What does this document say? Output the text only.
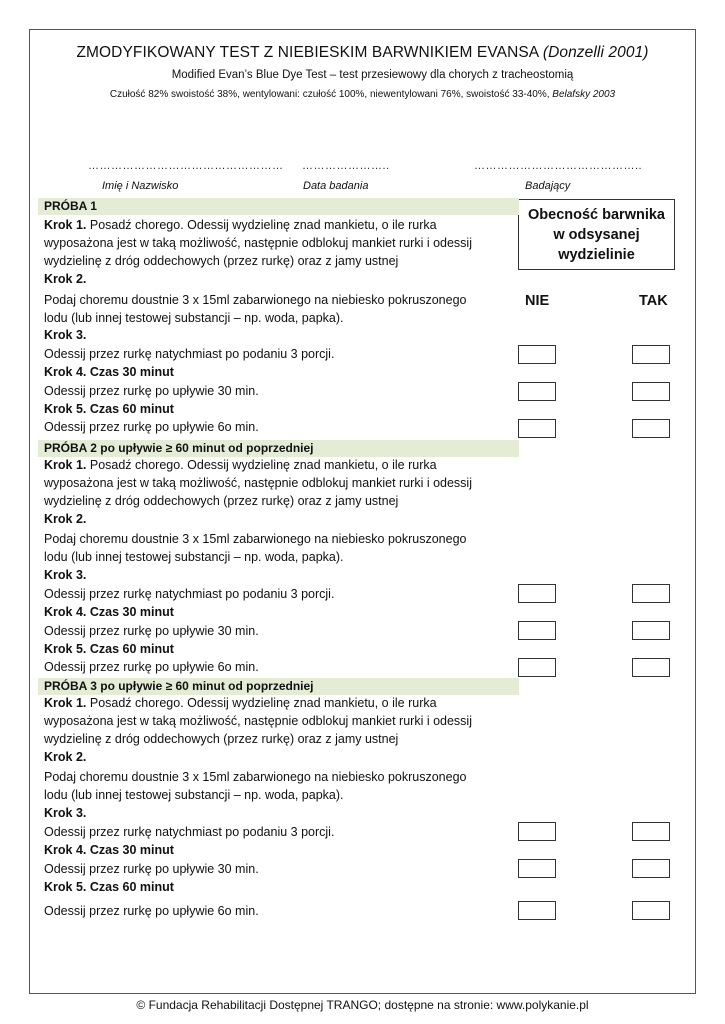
ZMODYFIKOWANY TEST Z NIEBIESKIM BARWNIKIEM EVANSA (Donzelli 2001)
Modified Evan’s Blue Dye Test – test przesiewowy dla chorych z tracheostomią
Czułość 82% swoistość 38%, wentylowani: czułość 100%, niewentylowani 76%, swoistość 33-40%, Belafsky 2003
…………………………………………… …………………..	……………………………………..
Imię i Nazwisko	Data badania	Badający
Obecność barwnika
w odsysanej
wydzielinie
NIE	TAK
PRÓBA 1
Krok 1. Posadź chorego. Odessij wydzielinę znad mankietu, o ile rurka
wyposażona jest w taką możliwość, następnie odblokuj mankiet rurki i odessij
wydzielinę z dróg oddechowych (przez rurkę) oraz z jamy ustnej
Krok 2.
Podaj choremu doustnie 3 x 15ml zabarwionego na niebiesko pokruszonego
lodu (lub innej testowej substancji – np. woda, papka).
Krok 3.
Odessij przez rurkę natychmiast po podaniu 3 porcji.
Krok 4. Czas 30 minut
Odessij przez rurkę po upływie 30 min.
Krok 5. Czas 60 minut
Odessij przez rurkę po upływie 6o min.
PRÓBA 2 po upływie ≥ 60 minut od poprzedniej
Krok 1. Posadź chorego. Odessij wydzielinę znad mankietu, o ile rurka
wyposażona jest w taką możliwość, następnie odblokuj mankiet rurki i odessij
wydzielinę z dróg oddechowych (przez rurkę) oraz z jamy ustnej
Krok 2.
Podaj choremu doustnie 3 x 15ml zabarwionego na niebiesko pokruszonego
lodu (lub innej testowej substancji – np. woda, papka).
Krok 3.
Odessij przez rurkę natychmiast po podaniu 3 porcji.
Krok 4. Czas 30 minut
Odessij przez rurkę po upływie 30 min.
Krok 5. Czas 60 minut
Odessij przez rurkę po upływie 6o min.
PRÓBA 3 po upływie ≥ 60 minut od poprzedniej
Krok 1. Posadź chorego. Odessij wydzielinę znad mankietu, o ile rurka
wyposażona jest w taką możliwość, następnie odblokuj mankiet rurki i odessij
wydzielinę z dróg oddechowych (przez rurkę) oraz z jamy ustnej
Krok 2.
Podaj choremu doustnie 3 x 15ml zabarwionego na niebiesko pokruszonego
lodu (lub innej testowej substancji – np. woda, papka).
Krok 3.
Odessij przez rurkę natychmiast po podaniu 3 porcji.
Krok 4. Czas 30 minut
Odessij przez rurkę po upływie 30 min.
Krok 5. Czas 60 minut
Odessij przez rurkę po upływie 6o min.
© Fundacja Rehabilitacji Dostępnej TRANGO; dostępne na stronie: www.polykanie.pl
